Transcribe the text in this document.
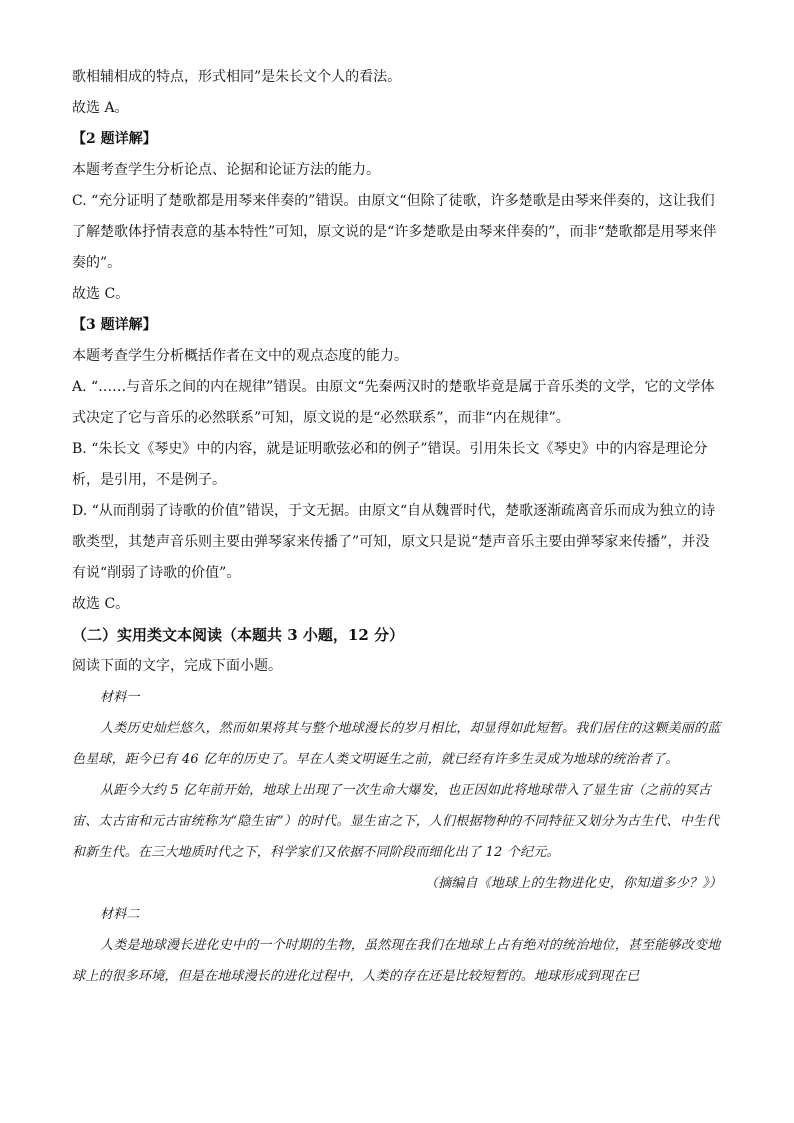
歌相辅相成的特点，形式相同”是朱长文个人的看法。

故选 A。

【2 题详解】

本题考查学生分析论点、论据和论证方法的能力。

C. “充分证明了楚歌都是用琴来伴奏的”错误。由原文“但除了徒歌，许多楚歌是由琴来伴奏的，这让我们了解楚歌体抒情表意的基本特性”可知，原文说的是“许多楚歌是由琴来伴奏的”，而非“楚歌都是用琴来伴奏的”。

故选 C。

【3 题详解】

本题考查学生分析概括作者在文中的观点态度的能力。

A. “……与音乐之间的内在规律”错误。由原文“先秦两汉时的楚歌毕竟是属于音乐类的文学，它的文学体式决定了它与音乐的必然联系”可知，原文说的是“必然联系”，而非“内在规律”。

B. “朱长文《琴史》中的内容，就是证明歌弦必和的例子”错误。引用朱长文《琴史》中的内容是理论分析，是引用，不是例子。

D. “从而削弱了诗歌的价值”错误，于文无据。由原文“自从魏晋时代，楚歌逐渐疏离音乐而成为独立的诗歌类型，其楚声音乐则主要由弹琴家来传播了”可知，原文只是说“楚声音乐主要由弹琴家来传播”，并没有说“削弱了诗歌的价值”。

故选 C。

（二）实用类文本阅读（本题共 3 小题，12 分）

阅读下面的文字，完成下面小题。

材料一

人类历史灿烂悠久，然而如果将其与整个地球漫长的岁月相比，却显得如此短暂。我们居住的这颗美丽的蓝色星球，距今已有 46 亿年的历史了。早在人类文明诞生之前，就已经有许多生灵成为地球的统治者了。

从距今大约 5 亿年前开始，地球上出现了一次生命大爆发，也正因如此将地球带入了显生宙（之前的冥古宙、太古宙和元古宙统称为“隐生宙”）的时代。显生宙之下，人们根据物种的不同特征又划分为古生代、中生代和新生代。在三大地质时代之下，科学家们又依据不同阶段而细化出了 12 个纪元。

（摘编自《地球上的生物进化史，你知道多少？》）

材料二

人类是地球漫长进化史中的一个时期的生物，虽然现在我们在地球上占有绝对的统治地位，甚至能够改变地球上的很多环境，但是在地球漫长的进化过程中，人类的存在还是比较短暂的。地球形成到现在已
